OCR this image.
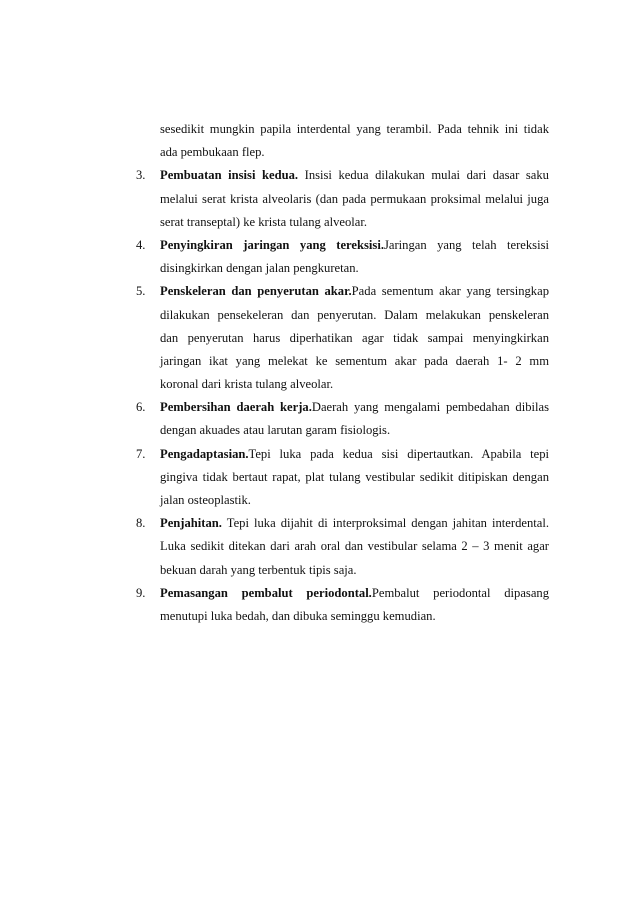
sesedikit mungkin papila interdental yang terambil. Pada tehnik ini tidak
ada pembukaan flep.
3. Pembuatan insisi kedua. Insisi kedua dilakukan mulai dari dasar saku
melalui serat krista alveolaris (dan pada permukaan proksimal melalui juga
serat transeptal) ke krista tulang alveolar.
4. Penyingkiran jaringan yang tereksisi.Jaringan yang telah tereksisi
disingkirkan dengan jalan pengkuretan.
5. Penskeleran dan penyerutan akar.Pada sementum akar yang tersingkap
dilakukan pensekeleran dan penyerutan. Dalam melakukan penskeleran
dan penyerutan harus diperhatikan agar tidak sampai menyingkirkan
jaringan ikat yang melekat ke sementum akar pada daerah 1- 2 mm
koronal dari krista tulang alveolar.
6. Pembersihan daerah kerja.Daerah yang mengalami pembedahan dibilas
dengan akuades atau larutan garam fisiologis.
7. Pengadaptasian.Tepi luka pada kedua sisi dipertautkan. Apabila tepi
gingiva tidak bertaut rapat, plat tulang vestibular sedikit ditipiskan dengan
jalan osteoplastik.
8. Penjahitan. Tepi luka dijahit di interproksimal dengan jahitan interdental.
Luka sedikit ditekan dari arah oral dan vestibular selama 2 – 3 menit agar
bekuan darah yang terbentuk tipis saja.
9. Pemasangan pembalut periodontal.Pembalut periodontal dipasang
menutupi luka bedah, dan dibuka seminggu kemudian.
